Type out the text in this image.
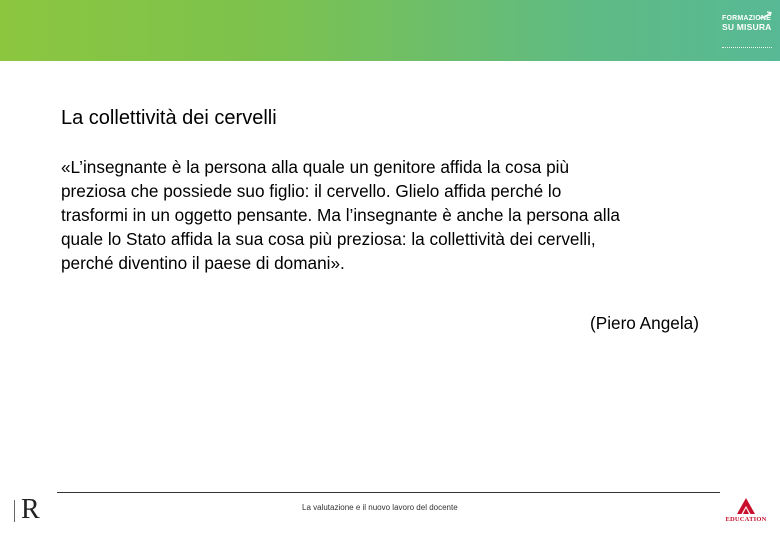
FORMAZIONE
SU MISURA
La collettività dei cervelli
«L’insegnante è la persona alla quale un genitore affida la cosa più
preziosa che possiede suo figlio: il cervello. Glielo affida perché lo
trasformi in un oggetto pensante. Ma l’insegnante è anche la persona alla
quale lo Stato affida la sua cosa più preziosa: la collettività dei cervelli,
perché diventino il paese di domani».
(Piero Angela)
R	La valutazione e il nuovo lavoro del docente
EDUCATION
